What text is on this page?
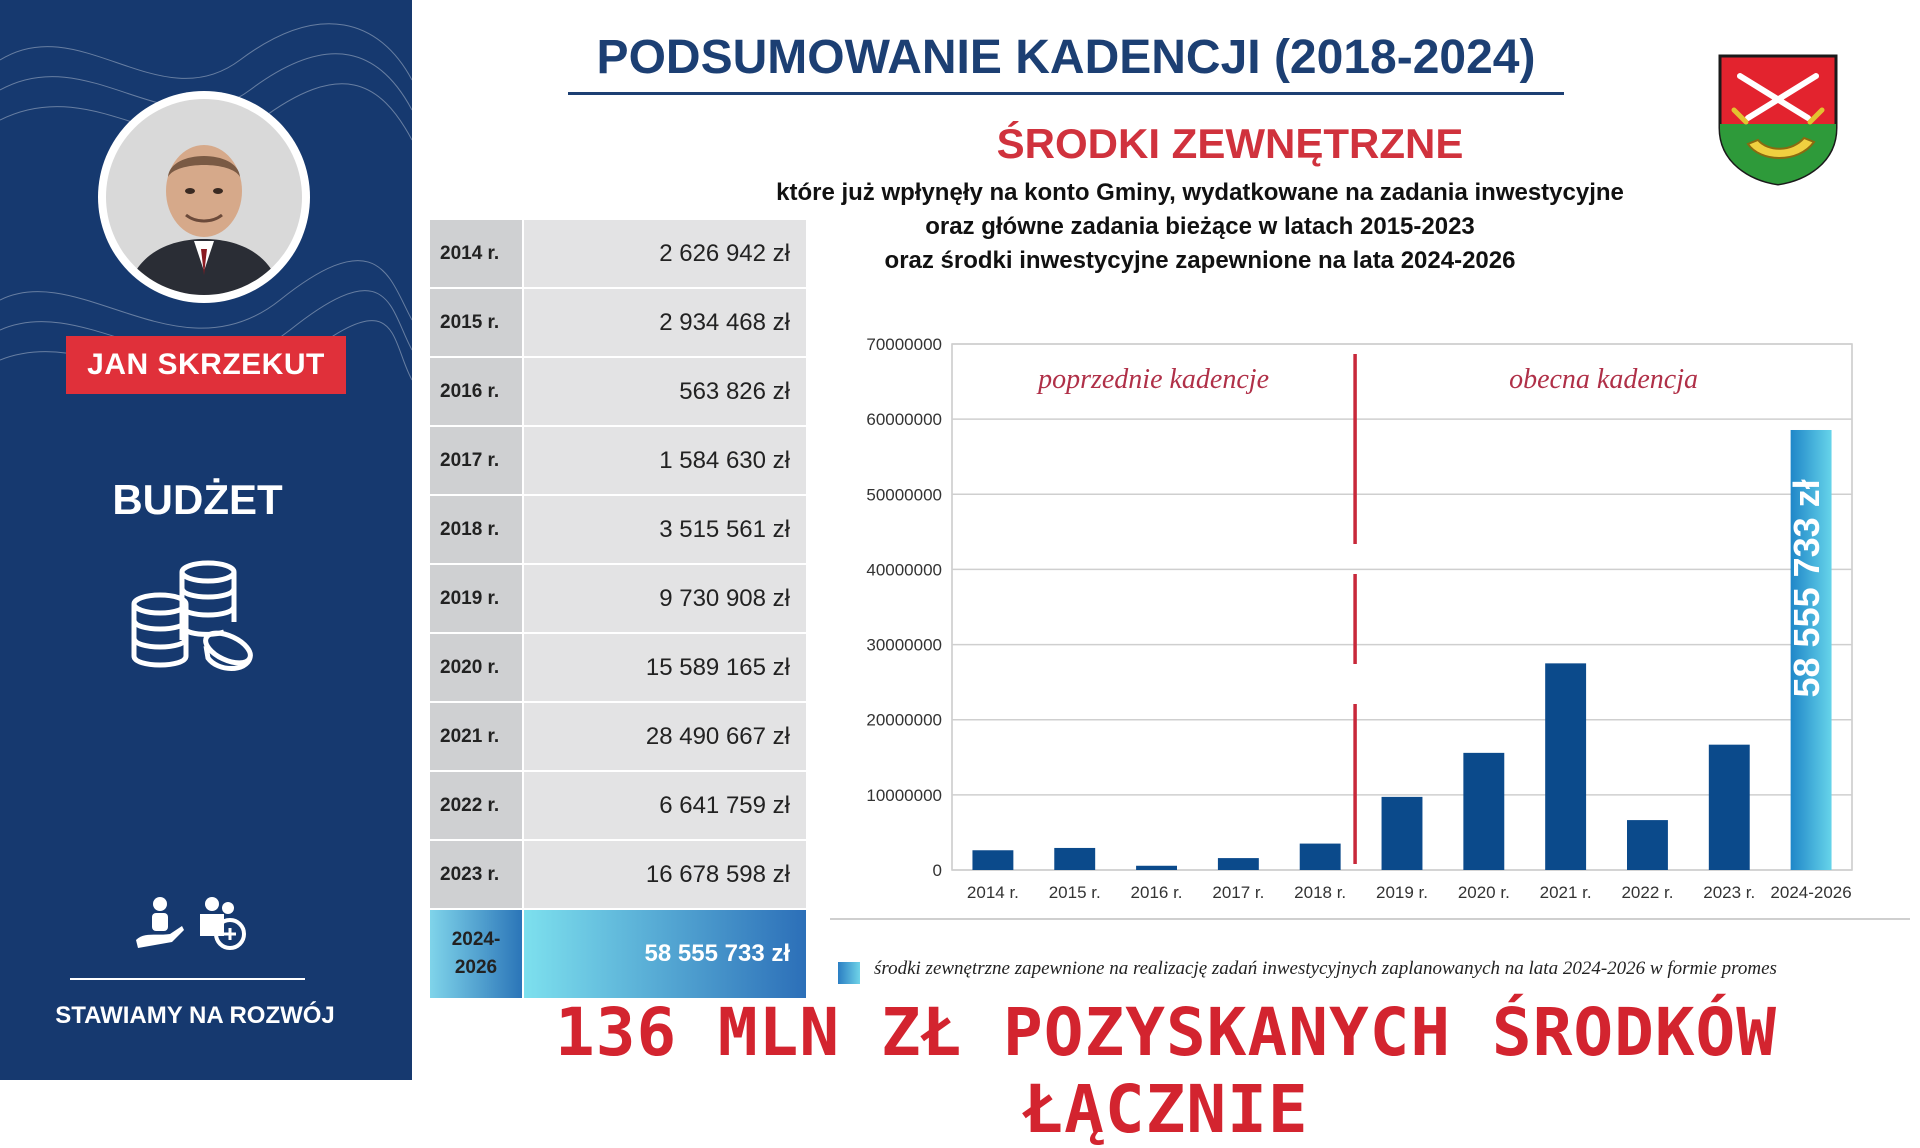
JAN SKRZEKUT
BUDŻET
STAWIAMY NA ROZWÓJ
PODSUMOWANIE KADENCJI (2018-2024)
ŚRODKI ZEWNĘTRZNE
które już wpłynęły na konto Gminy, wydatkowane na zadania inwestycyjne
oraz główne zadania bieżące w latach 2015-2023
oraz środki inwestycyjne zapewnione na lata 2024-2026
2014 r.	2 626 942 zł
2015 r.	2 934 468 zł
2016 r.	563 826 zł
2017 r.	1 584 630 zł
2018 r.	3 515 561 zł
2019 r.	9 730 908 zł
2020 r.	15 589 165 zł
2021 r.	28 490 667 zł
2022 r.	6 641 759 zł
2023 r.	16 678 598 zł
2024-
2026
58 555 733 zł
0
10000000
20000000
30000000
40000000
50000000
60000000
70000000
2014 r. 2015 r. 2016 r. 2017 r. 2018 r. 2019 r. 2020 r. 2021 r. 2022 r. 2023 r. 2024-2026
58 555 733 zł
poprzednie kadencje	obecna kadencja
środki zewnętrzne zapewnione na realizację zadań inwestycyjnych zaplanowanych na lata 2024-2026 w formie promes
136 MLN ZŁ POZYSKANYCH ŚRODKÓW ŁĄCZNIE
